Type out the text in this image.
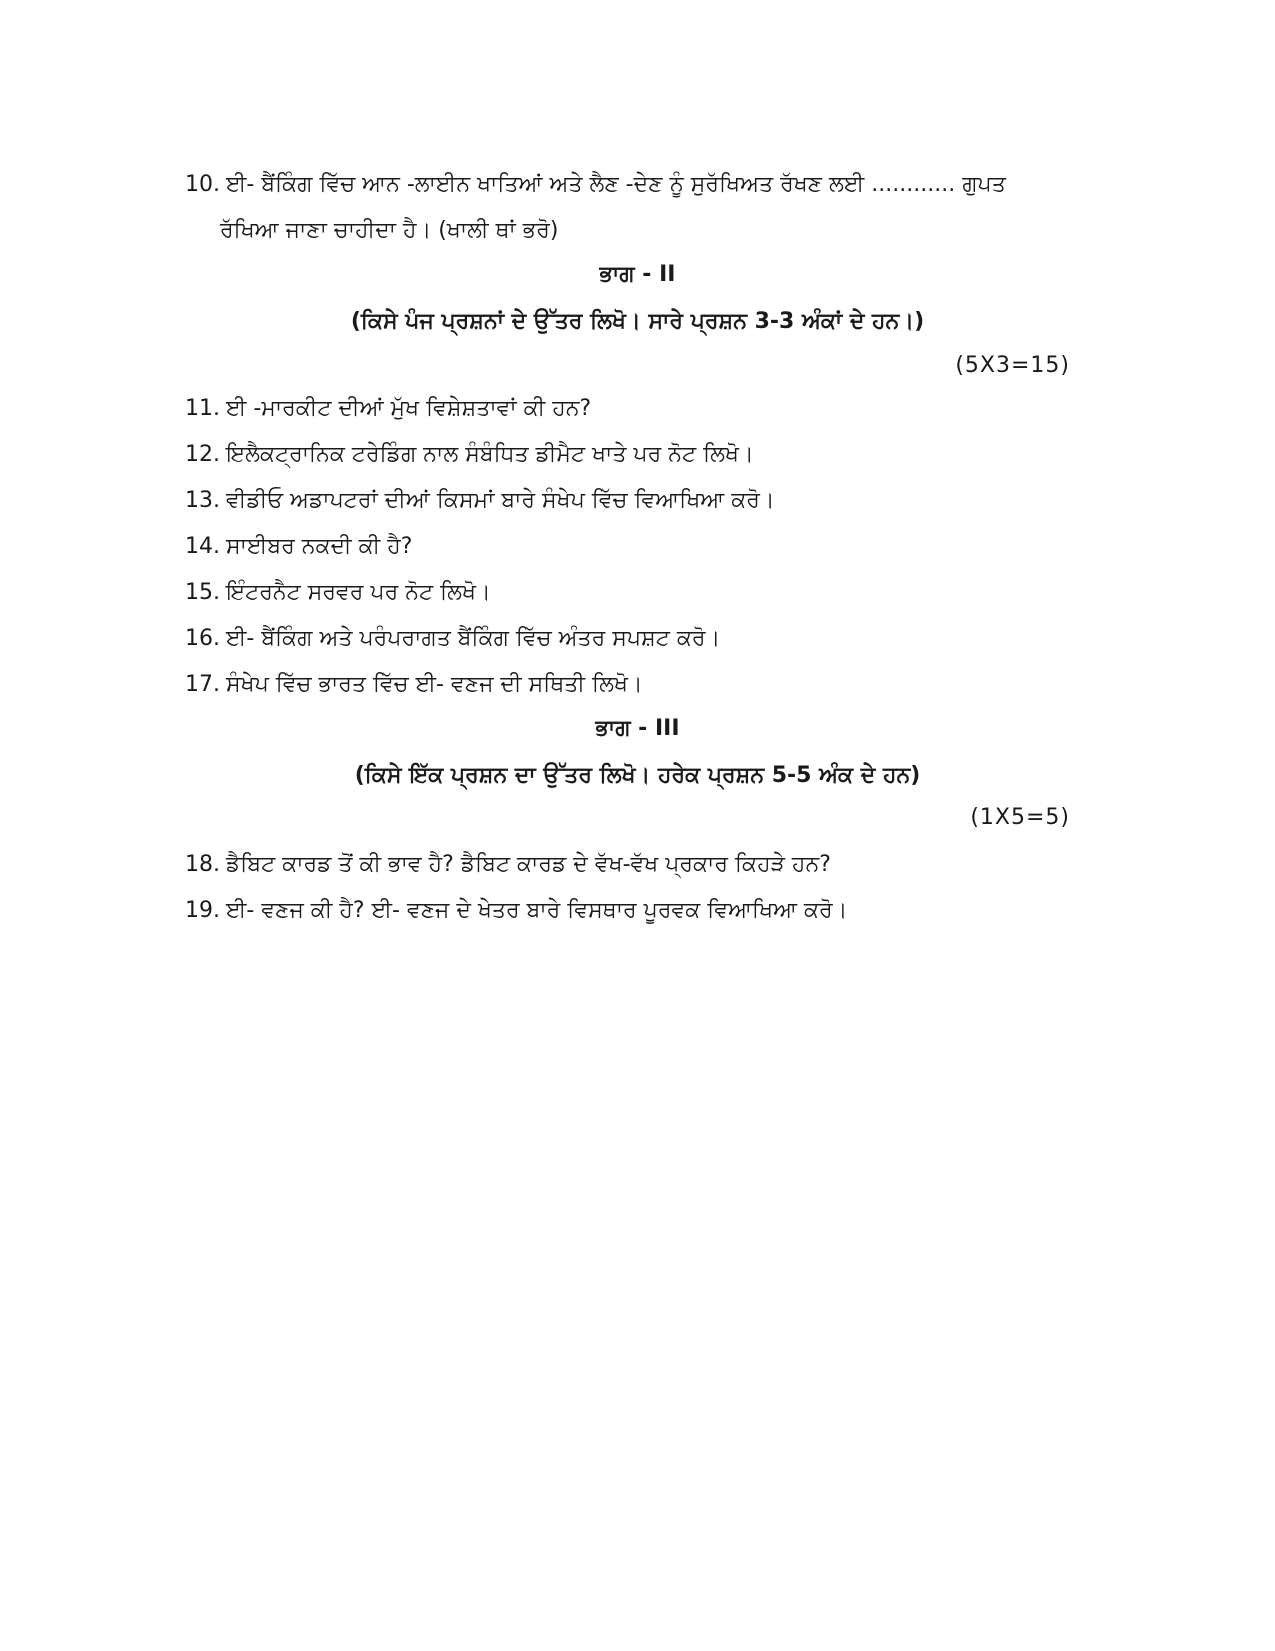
10. ਈ- ਬੈਂਕਿੰਗ ਵਿੱਚ ਆਨ -ਲਾਈਨ ਖਾਤਿਆਂ ਅਤੇ ਲੈਣ -ਦੇਣ ਨੂੰ ਸੁਰੱਖਿਅਤ ਰੱਖਣ ਲਈ ............ ਗੁਪਤ
ਰੱਖਿਆ ਜਾਣਾ ਚਾਹੀਦਾ ਹੈ। (ਖਾਲੀ ਥਾਂ ਭਰੋ)
ਭਾਗ - II
(ਕਿਸੇ ਪੰਜ ਪ੍ਰਸ਼ਨਾਂ ਦੇ ਉੱਤਰ ਲਿਖੋ। ਸਾਰੇ ਪ੍ਰਸ਼ਨ 3-3 ਅੰਕਾਂ ਦੇ ਹਨ।)
(5X3=15)
11. ਈ -ਮਾਰਕੀਟ ਦੀਆਂ ਮੁੱਖ ਵਿਸ਼ੇਸ਼ਤਾਵਾਂ ਕੀ ਹਨ?
12. ਇਲੈਕਟ੍ਰਾਨਿਕ ਟਰੇਡਿੰਗ ਨਾਲ ਸੰਬੰਧਿਤ ਡੀਮੈਟ ਖਾਤੇ ਪਰ ਨੋਟ ਲਿਖੋ।
13. ਵੀਡੀਓ ਅਡਾਪਟਰਾਂ ਦੀਆਂ ਕਿਸਮਾਂ ਬਾਰੇ ਸੰਖੇਪ ਵਿੱਚ ਵਿਆਖਿਆ ਕਰੋ।
14. ਸਾਈਬਰ ਨਕਦੀ ਕੀ ਹੈ?
15. ਇੰਟਰਨੈਟ ਸਰਵਰ ਪਰ ਨੋਟ ਲਿਖੋ।
16. ਈ- ਬੈਂਕਿੰਗ ਅਤੇ ਪਰੰਪਰਾਗਤ ਬੈਂਕਿੰਗ ਵਿੱਚ ਅੰਤਰ ਸਪਸ਼ਟ ਕਰੋ।
17. ਸੰਖੇਪ ਵਿੱਚ ਭਾਰਤ ਵਿੱਚ ਈ- ਵਣਜ ਦੀ ਸਥਿਤੀ ਲਿਖੋ।
ਭਾਗ - III
(ਕਿਸੇ ਇੱਕ ਪ੍ਰਸ਼ਨ ਦਾ ਉੱਤਰ ਲਿਖੋ। ਹਰੇਕ ਪ੍ਰਸ਼ਨ 5-5 ਅੰਕ ਦੇ ਹਨ)
(1X5=5)
18. ਡੈਬਿਟ ਕਾਰਡ ਤੋਂ ਕੀ ਭਾਵ ਹੈ? ਡੈਬਿਟ ਕਾਰਡ ਦੇ ਵੱਖ-ਵੱਖ ਪ੍ਰਕਾਰ ਕਿਹੜੇ ਹਨ?
19. ਈ- ਵਣਜ ਕੀ ਹੈ? ਈ- ਵਣਜ ਦੇ ਖੇਤਰ ਬਾਰੇ ਵਿਸਥਾਰ ਪੂਰਵਕ ਵਿਆਖਿਆ ਕਰੋ।
